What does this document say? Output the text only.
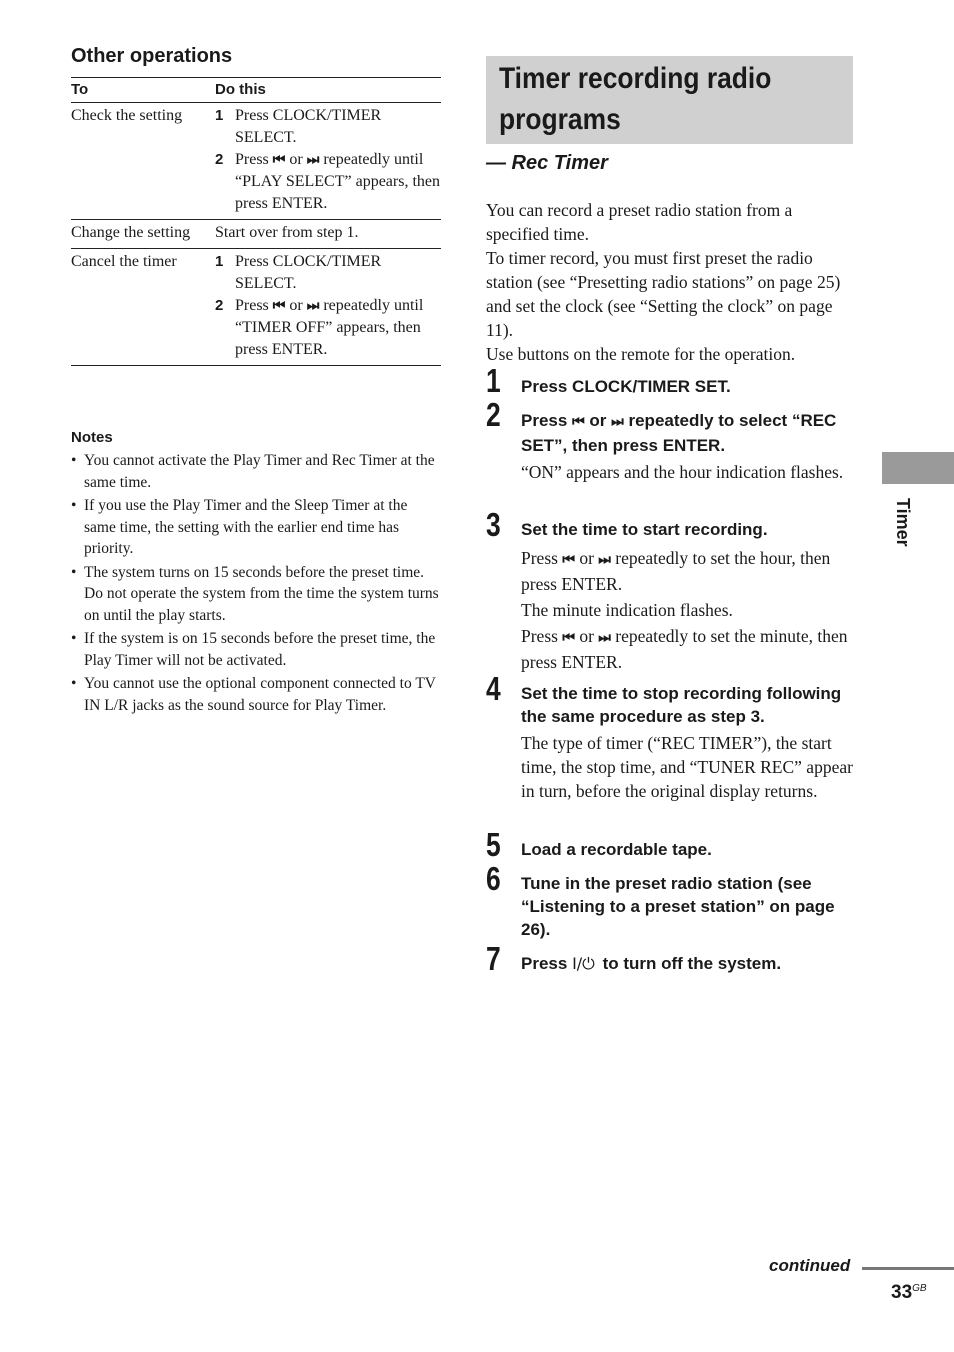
Other operations
To	Do this
Check the setting	1 Press CLOCK/TIMER SELECT.
2 Press ⏮ or ⏭ repeatedly until “PLAY SELECT” appears, then press ENTER.

Change the setting	Start over from step 1.
Cancel the timer	1 Press CLOCK/TIMER SELECT.
2 Press ⏮ or ⏭ repeatedly until “TIMER OFF” appears, then press ENTER.
Notes
• You cannot activate the Play Timer and Rec Timer at the same time.
• If you use the Play Timer and the Sleep Timer at the same time, the setting with the earlier end time has priority.
• The system turns on 15 seconds before the preset time. Do not operate the system from the time the system turns on until the play starts.
• If the system is on 15 seconds before the preset time, the Play Timer will not be activated.
• You cannot use the optional component connected to TV IN L/R jacks as the sound source for Play Timer.
Timer recording radio programs
— Rec Timer

You can record a preset radio station from a specified time.

To timer record, you must first preset the radio station (see “Presetting radio stations” on page 25) and set the clock (see “Setting the clock” on page 11).

Use buttons on the remote for the operation.

1 Press CLOCK/TIMER SET.
2 Press ⏮ or ⏭ repeatedly to select “REC SET”, then press ENTER.
“ON” appears and the hour indication flashes.
3 Set the time to start recording.

Press ⏮ or ⏭ repeatedly to set the hour, then press ENTER.

The minute indication flashes.

Press ⏮ or ⏭ repeatedly to set the minute, then press ENTER.

4 Set the time to stop recording following the same procedure as step 3.
The type of timer (“REC TIMER”), the start time, the stop time, and “TUNER REC” appear in turn, before the original display returns.
5 Load a recordable tape.
6 Tune in the preset radio station (see “Listening to a preset station” on page 26).
7 Press I/⏻ to turn off the system.
Timer
continued
$33^{GB}$
